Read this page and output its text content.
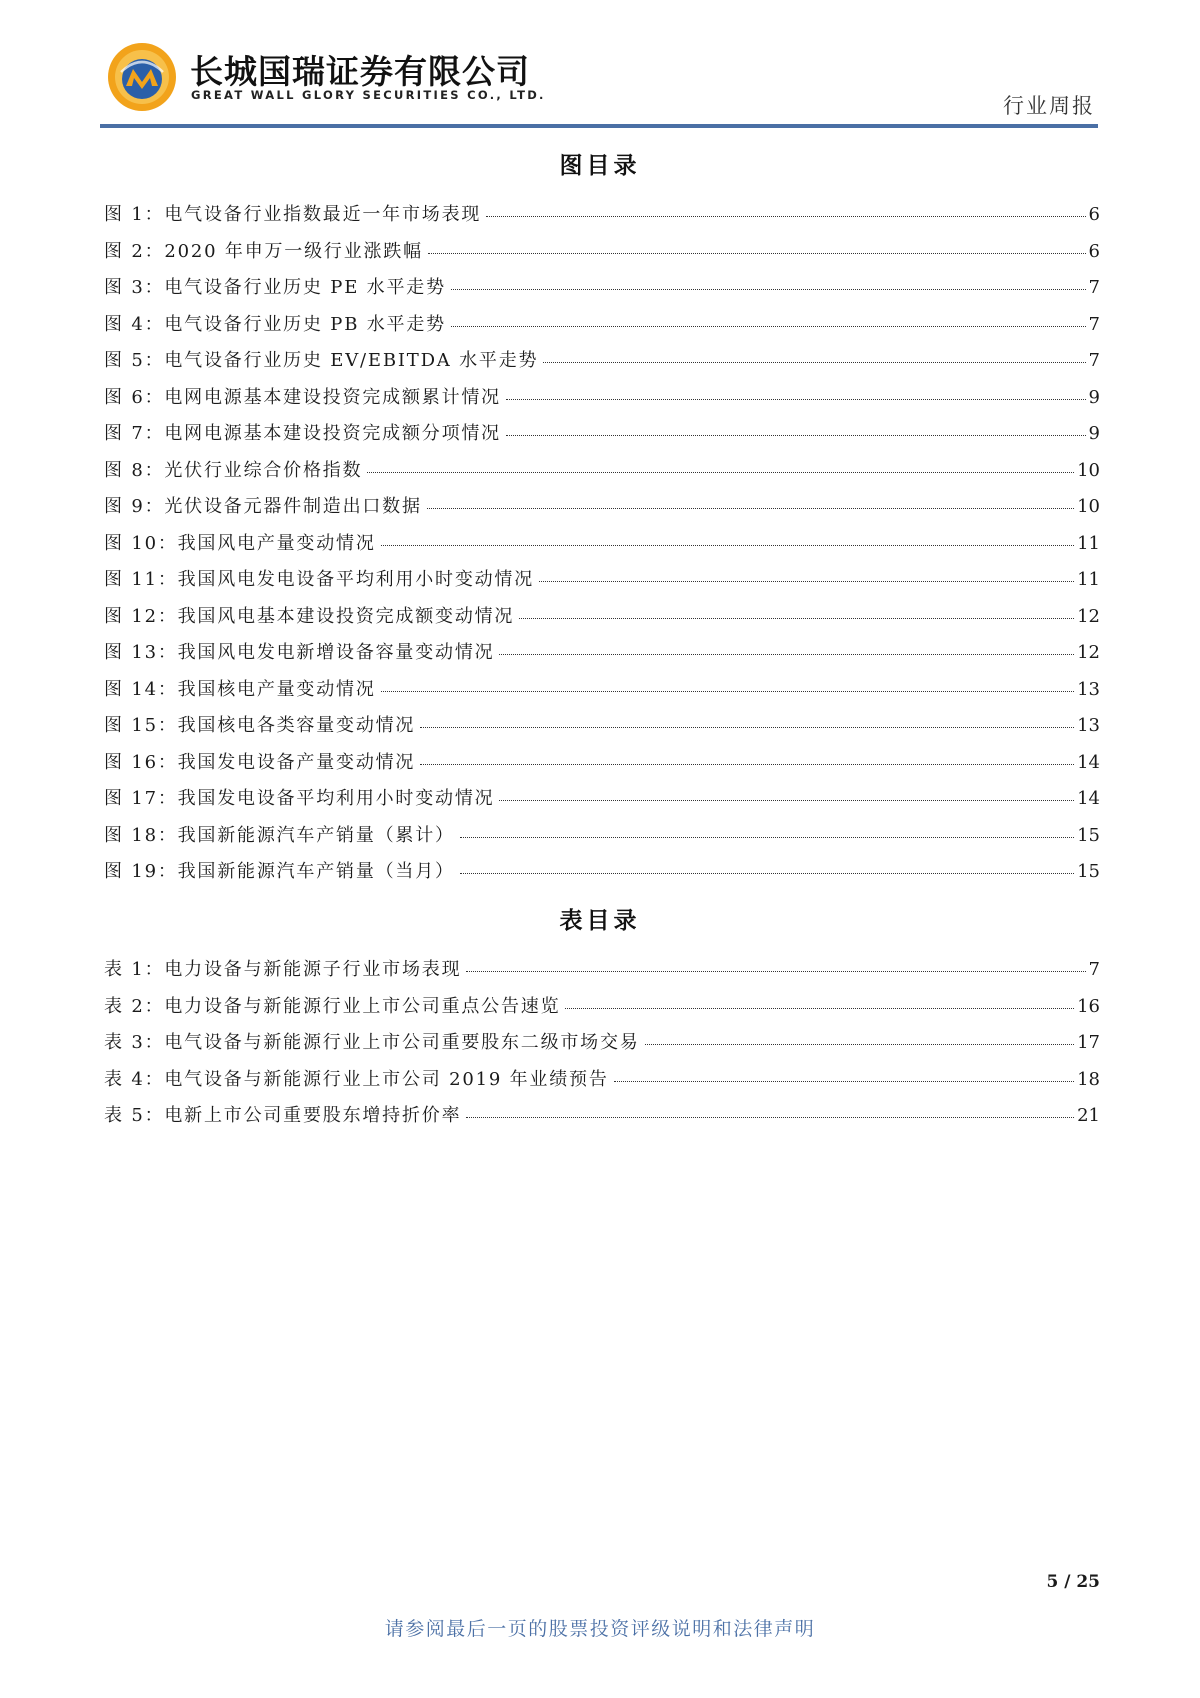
长城国瑞证券有限公司
GREAT WALL GLORY SECURITIES CO., LTD.	行业周报
图目录
图 1：电气设备行业指数最近一年市场表现	6
图 2：2020 年申万一级行业涨跌幅	6
图 3：电气设备行业历史 PE 水平走势	7
图 4：电气设备行业历史 PB 水平走势	7
图 5：电气设备行业历史 EV/EBITDA 水平走势	7
图 6：电网电源基本建设投资完成额累计情况	9
图 7：电网电源基本建设投资完成额分项情况	9
图 8：光伏行业综合价格指数	10
图 9：光伏设备元器件制造出口数据	10
图 10：我国风电产量变动情况	11
图 11：我国风电发电设备平均利用小时变动情况	11
图 12：我国风电基本建设投资完成额变动情况	12
图 13：我国风电发电新增设备容量变动情况	12
图 14：我国核电产量变动情况	13
图 15：我国核电各类容量变动情况	13
图 16：我国发电设备产量变动情况	14
图 17：我国发电设备平均利用小时变动情况	14
图 18：我国新能源汽车产销量（累计）	15
图 19：我国新能源汽车产销量（当月）	15
表目录
表 1：电力设备与新能源子行业市场表现	7
表 2：电力设备与新能源行业上市公司重点公告速览	16
表 3：电气设备与新能源行业上市公司重要股东二级市场交易	17
表 4：电气设备与新能源行业上市公司 2019 年业绩预告	18
表 5：电新上市公司重要股东增持折价率	21
5 / 25
请参阅最后一页的股票投资评级说明和法律声明
